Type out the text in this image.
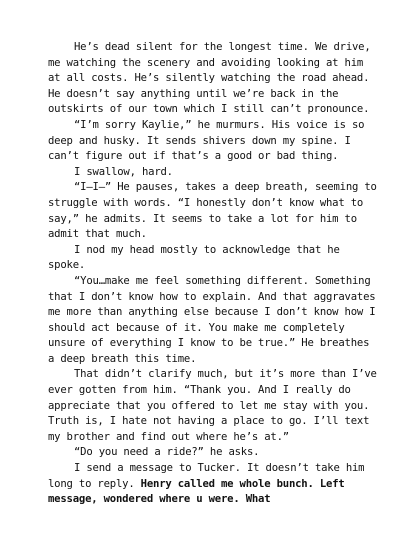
He’s dead silent for the longest time. We drive, me watching the scenery and avoiding looking at him at all costs. He’s silently watching the road ahead. He doesn’t say anything until we’re back in the outskirts of our town which I still can’t pronounce.

“I’m sorry Kaylie,” he murmurs. His voice is so deep and husky. It sends shivers down my spine. I can’t figure out if that’s a good or bad thing.

I swallow, hard.

“I—I—” He pauses, takes a deep breath, seeming to struggle with words. “I honestly don’t know what to say,” he admits. It seems to take a lot for him to admit that much.

I nod my head mostly to acknowledge that he spoke.

“You…make me feel something different. Something that I don’t know how to explain. And that aggravates me more than anything else because I don’t know how I should act because of it. You make me completely unsure of everything I know to be true.” He breathes a deep breath this time.

That didn’t clarify much, but it’s more than I’ve ever gotten from him. “Thank you. And I really do appreciate that you offered to let me stay with you. Truth is, I hate not having a place to go. I’ll text my brother and find out where he’s at.”

“Do you need a ride?” he asks.

I send a message to Tucker. It doesn’t take him long to reply. Henry called me whole bunch. Left message, wondered where u were. What
